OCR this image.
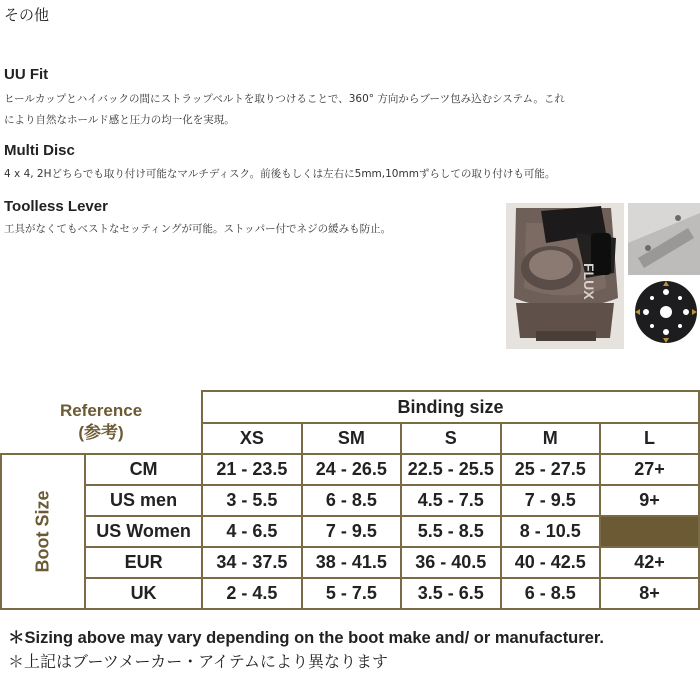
その他
UU Fit
ヒールカップとハイバックの間にストラップベルトを取りつけることで、360° 方向からブーツ包み込むシステム。これ
により自然なホールド感と圧力の均一化を実現。
Multi Disc
4 x 4, 2Hどちらでも取り付け可能なマルチディスク。前後もしくは左右に5mm,10mmずらしての取り付けも可能。
Toolless Lever
工具がなくてもベストなセッティングが可能。ストッパー付でネジの緩みも防止。
FLUX
Reference
(参考)		Binding size				
		XS	SM	S	M	L
Boot Size	CM	21 - 23.5	24 - 26.5	22.5 - 25.5	25 - 27.5	27+
	US men	3 - 5.5	6 - 8.5	4.5 - 7.5	7 - 9.5	9+
	US Women	4 - 6.5	7 - 9.5	5.5 - 8.5	8 - 10.5	
	EUR	34 - 37.5	38 - 41.5	36 - 40.5	40 - 42.5	42+
	UK	2 - 4.5	5 - 7.5	3.5 - 6.5	6 - 8.5	8+
＊Sizing above may vary depending on the boot make and/ or manufacturer.
＊上記はブーツメーカー・アイテムにより異なります
